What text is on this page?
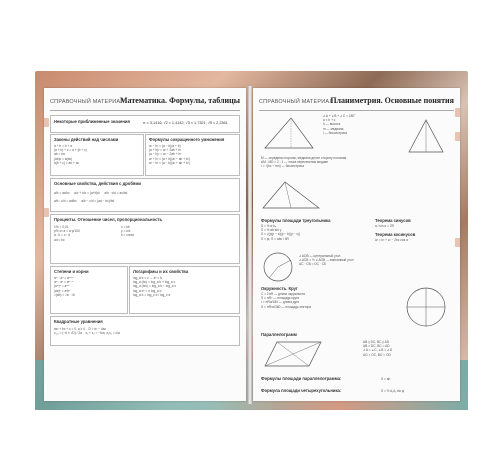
СПРАВОЧНЫЙ МАТЕРИАЛ
Математика. Формулы, таблицы
Некоторые приближенные значения	π ≈ 3,1416; √2 ≈ 1,4142; √3 ≈ 1,7321; √5 ≈ 2,2361
Законы действий над числами
a + b = b + a
(a + b) + c = a + (b + c)
ab = ba
(ab)c = a(bc)
a(b + c) = ab + ac
Формулы сокращенного умножения
a² − b² = (a − b)(a + b)
(a + b)² = a² + 2ab + b²
(a − b)² = a² − 2ab + b²
a³ + b³ = (a + b)(a² − ab + b²)
a³ − b³ = (a − b)(a² + ab + b²)
Основные свойства, действия с дробями
a/b = ac/bc     a/c + b/c = (a+b)/c     a/b · c/d = ac/bd

a/b : c/d = ad/bc     a/b − c/d = (ad − bc)/bd
Проценты. Отношение чисел, пропорциональность
1% = 0,01
p% от a = a·p/100
a : b = c : d
ad = bc
x = kb
y = k/x
k = const
Степени и корни
aᵐ · aⁿ = aᵐ⁺ⁿ
aᵐ : aⁿ = aᵐ⁻ⁿ
(aᵐ)ⁿ = aᵐⁿ
(ab)ⁿ = aⁿbⁿ
√(ab) = √a · √b
Логарифмы и их свойства
log_a b = c ⇔ aᶜ = b
log_a (bc) = log_a b + log_a c
log_a (b/c) = log_a b − log_a c
log_a bⁿ = n log_a b
log_a b = log_c b / log_c a
Квадратные уравнения
ax² + bx + c = 0, a ≠ 0    D = b² − 4ac
x₁,₂ = (−b ± √D) / 2a    x₁ + x₂ = −b/a, x₁x₂ = c/a
СПРАВОЧНЫЙ МАТЕРИАЛ
Планиметрия. Основные понятия
∠A + ∠B + ∠C = 180°
a < b + c
h — высота
m — медиана
l — биссектриса
M — середина стороны, медиана делит сторону пополам
AM : MD = 2 : 1 — точка пересечения медиан
l = √(bc − mn) — биссектриса
Формулы площади треугольника
S = ½ a·hₐ
S = ½ ab sin γ
S = √(p(p − a)(p − b)(p − c))
S = pr, S = abc / 4R
Теорема синусов
a / sin α = 2R
Теорема косинусов
a² = b² + c² − 2bc cos α
∠AOB — центральный угол
∠ACB = ½ ∠AOB — вписанный угол
AC · CB = DC · CE
Окружность. Круг
C = 2πR — длина окружности
S = πR² — площадь круга
l = πRα/180 — длина дуги
S = πR²α/360 — площадь сектора
Параллелограмм
AB ∥ DC, BC ∥ AD
AB = DC, BC = AD
∠A = ∠C, ∠B = ∠D
AO = OC, BO = OD
Формулы площади параллелограмма:	S = ah
Формула площади четырехугольника:	S = ½ d₁d₂ sin φ
